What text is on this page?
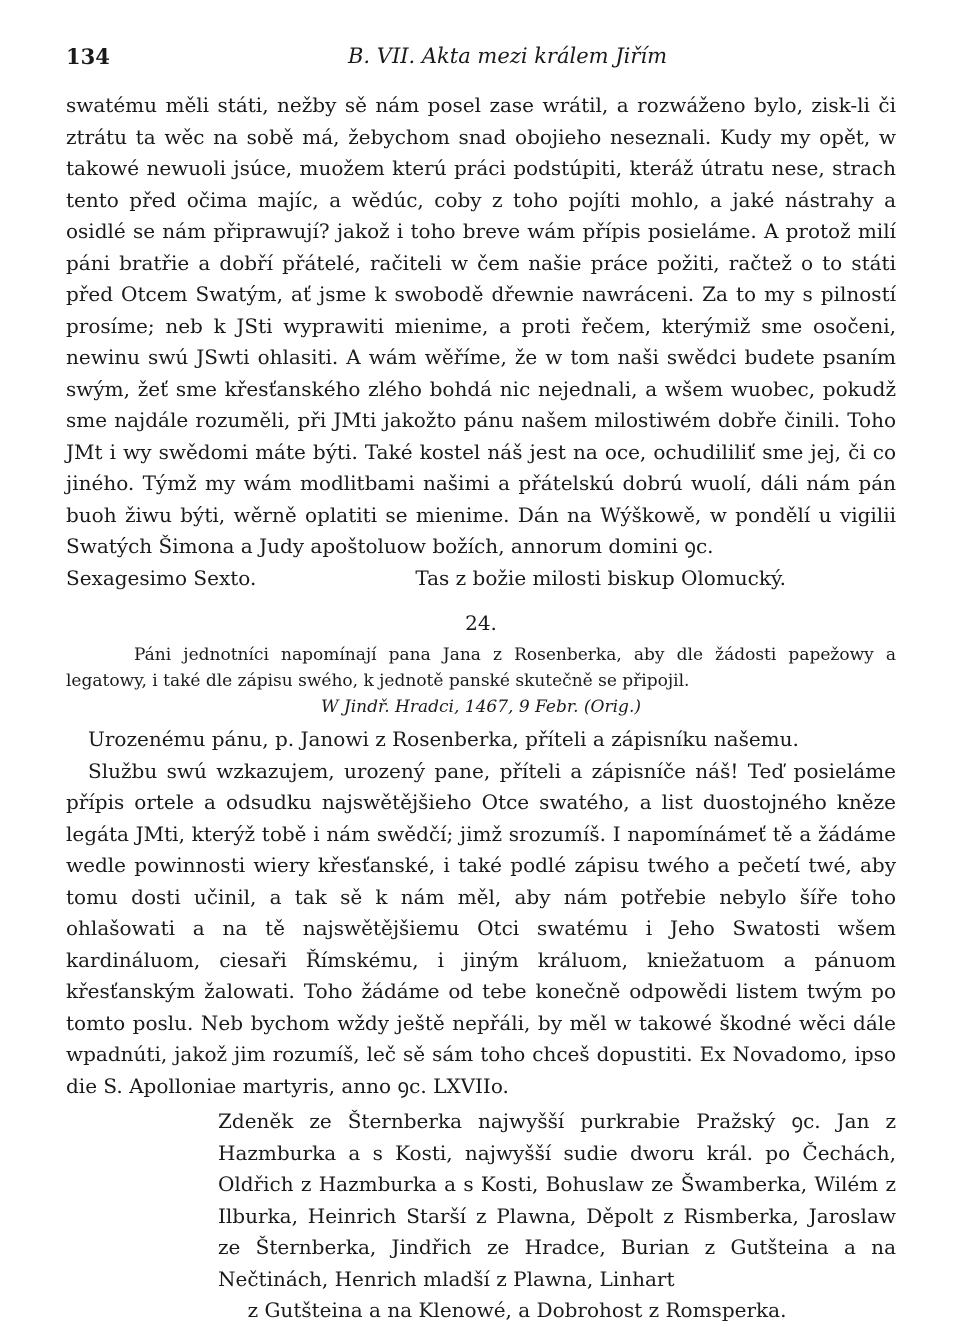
134	B. VII. Akta mezi králem Jiřím

swatému měli státi, nežby sě nám posel zase wrátil, a rozwáženo bylo, zisk-li či ztrátu ta wěc na sobě má, žebychom snad obojieho neseznali. Kudy my opět, w takowé newuoli jsúce, muožem kterú práci podstúpiti, kteráž útratu nese, strach tento před očima majíc, a wědúc, coby z toho pojíti mohlo, a jaké nástrahy a osidlé se nám připrawují? jakož i toho breve wám přípis posieláme. A protož milí páni bratřie a dobří přátelé, račiteli w čem našie práce požiti, račtež o to státi před Otcem Swatým, ať jsme k swobodě dřewnie nawráceni. Za to my s pilností prosíme; neb k JSti wyprawiti mienime, a proti řečem, kterýmiž sme osočeni, newinu swú JSwti ohlasiti. A wám wěříme, že w tom naši swědci budete psaním swým, žeť sme křesťanského zlého bohdá nic nejednali, a wšem wuobec, pokudž sme najdále rozuměli, při JMti jakožto pánu našem milostiwém dobře činili. Toho JMt i wy swědomi máte býti. Také kostel náš jest na oce, ochudililiť sme jej, či co jiného. Týmž my wám modlitbami našimi a přátelskú dobrú wuolí, dáli nám pán buoh žiwu býti, wěrně oplatiti se mienime. Dán na Wýškowě, w pondělí u vigilii Swatých Šimona a Judy apoštoluow božích, annorum domini ꝯc.

Sexagesimo Sexto.	Tas z božie milosti biskup Olomucký.
24.

Páni jednotníci napomínají pana Jana z Rosenberka, aby dle žádosti papežowy a legatowy, i také dle zápisu swého, k jednotě panské skutečně se připojil.

W Jindř. Hradci, 1467, 9 Febr. (Orig.)

Urozenému pánu, p. Janowi z Rosenberka, příteli a zápisníku našemu.

Službu swú wzkazujem, urozený pane, příteli a zápisníče náš! Teď posieláme přípis ortele a odsudku najswětějšieho Otce swatého, a list duostojného kněze legáta JMti, kterýž tobě i nám swědčí; jimž srozumíš. I napomínámeť tě a žádáme wedle powinnosti wiery křesťanské, i také podlé zápisu twého a pečetí twé, aby tomu dosti učinil, a tak sě k nám měl, aby nám potřebie nebylo šíře toho ohlašowati a na tě najswětějšiemu Otci swatému i Jeho Swatosti wšem kardináluom, ciesaři Římskému, i jiným králuom, kniežatuom a pánuom křesťanským žalowati. Toho žádáme od tebe konečně odpowědi listem twým po tomto poslu. Neb bychom wždy ještě nepřáli, by měl w takowé škodné wěci dále wpadnúti, jakož jim rozumíš, leč sě sám toho chceš dopustiti. Ex Novadomo, ipso die S. Apolloniae martyris, anno ꝯc. LXVIIo.

Zdeněk ze Šternberka najwyšší purkrabie Pražský ꝯc. Jan z Hazmburka a s Kosti, najwyšší sudie dworu král. po Čechách, Oldřich z Hazmburka a s Kosti, Bohuslaw ze Šwamberka, Wilém z Ilburka, Heinrich Starší z Plawna, Děpolt z Rismberka, Jaroslaw ze Šternberka, Jindřich ze Hradce, Burian z Gutšteina a na Nečtinách, Henrich mladší z Plawna, Linhart
z Gutšteina a na Klenowé, a Dobrohost z Romsperka.
